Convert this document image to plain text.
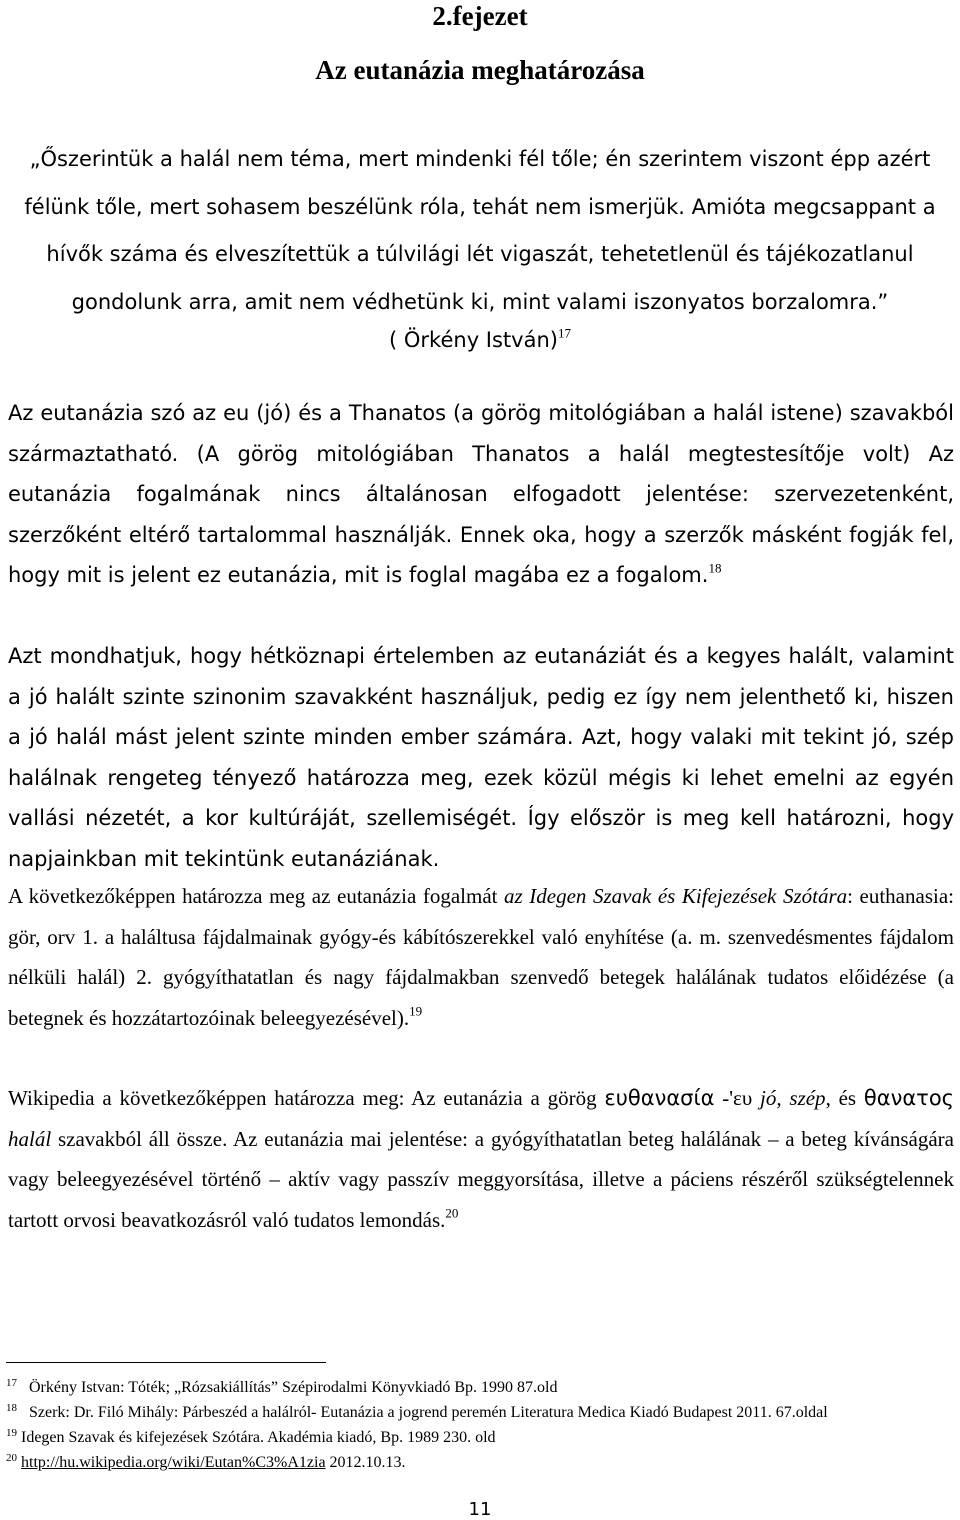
2.fejezet
Az eutanázia meghatározása
„Őszerintük a halál nem téma, mert mindenki fél tőle; én szerintem viszont épp azért
félünk tőle, mert sohasem beszélünk róla, tehát nem ismerjük. Amióta megcsappant a
hívők száma és elveszítettük a túlvilági lét vigaszát, tehetetlenül és tájékozatlanul
gondolunk arra, amit nem védhetünk ki, mint valami iszonyatos borzalomra.”
( Örkény István)$^{17}$

Az eutanázia szó az eu (jó) és a Thanatos (a görög mitológiában a halál istene) szavakból származtatható. (A görög mitológiában Thanatos a halál megtestesítője volt) Az eutanázia fogalmának nincs általánosan elfogadott jelentése: szervezetenként, szerzőként eltérő tartalommal használják. Ennek oka, hogy a szerzők másként fogják fel, hogy mit is jelent ez eutanázia, mit is foglal magába ez a fogalom.$^{18}$

Azt mondhatjuk, hogy hétköznapi értelemben az eutanáziát és a kegyes halált, valamint a jó halált szinte szinonim szavakként használjuk, pedig ez így nem jelenthető ki, hiszen a jó halál mást jelent szinte minden ember számára. Azt, hogy valaki mit tekint jó, szép halálnak rengeteg tényező határozza meg, ezek közül mégis ki lehet emelni az egyén vallási nézetét, a kor kultúráját, szellemiségét. Így először is meg kell határozni, hogy napjainkban mit tekintünk eutanáziának.

A következőképpen határozza meg az eutanázia fogalmát az Idegen Szavak és Kifejezések Szótára: euthanasia: gör, orv 1. a haláltusa fájdalmainak gyógy-és kábítószerekkel való enyhítése (a. m. szenvedésmentes fájdalom nélküli halál) 2. gyógyíthatatlan és nagy fájdalmakban szenvedő betegek halálának tudatos előidézése (a betegnek és hozzátartozóinak beleegyezésével).$^{19}$

Wikipedia a következőképpen határozza meg: Az eutanázia a görög ευθανασία -'ευ jó, szép, és θανατος halál szavakból áll össze. Az eutanázia mai jelentése: a gyógyíthatatlan beteg halálának – a beteg kívánságára vagy beleegyezésével történő – aktív vagy passzív meggyorsítása, illetve a páciens részéről szükségtelennek tartott orvosi beavatkozásról való tudatos lemondás.$^{20}$

$^{17}$ Örkény Istvan: Tóték; „Rózsakiállítás” Szépirodalmi Könyvkiadó Bp. 1990 87.old

$^{18}$ Szerk: Dr. Filó Mihály: Párbeszéd a halálról- Eutanázia a jogrend peremén Literatura Medica Kiadó Budapest 2011. 67.oldal

$^{19}$ Idegen Szavak és kifejezések Szótára. Akadémia kiadó, Bp. 1989 230. old

$^{20}$ http://hu.wikipedia.org/wiki/Eutan%C3%A1zia 2012.10.13.

11
